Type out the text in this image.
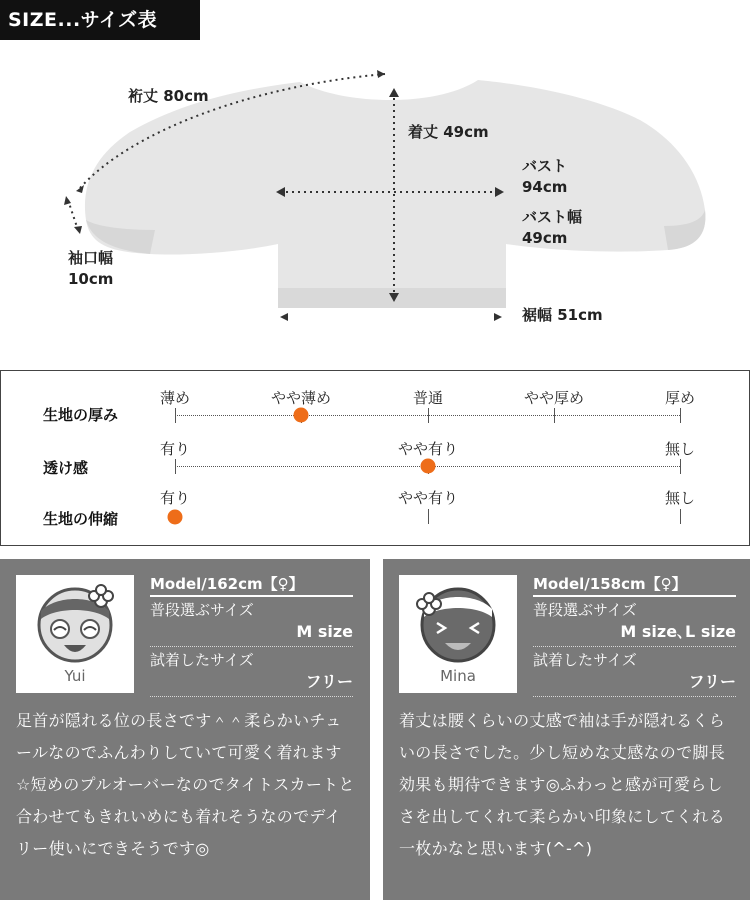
SIZE...サイズ表
裄丈 80cm
着丈 49cm
バスト
94cm
バスト幅
49cm
袖口幅
10cm
裾幅 51cm
生地の厚み
薄め	やや薄め	普通	やや厚め	厚め
透け感
有り	やや有り	無し
生地の伸縮
有り	やや有り	無し
Yui
Model/162cm【♀】
普段選ぶサイズ
M size
試着したサイズ
フリー
足首が隠れる位の長さです＾＾柔らかいチュールなのでふんわりしていて可愛く着れます☆短めのプルオーバーなのでタイトスカートと合わせてもきれいめにも着れそうなのでデイリー使いにできそうです◎
Mina
Model/158cm【♀】
普段選ぶサイズ
M size､L size
試着したサイズ
フリー
着丈は腰くらいの丈感で袖は手が隠れるくらいの長さでした。少し短めな丈感なので脚長効果も期待できます◎ふわっと感が可愛らしさを出してくれて柔らかい印象にしてくれる一枚かなと思います(^-^)
